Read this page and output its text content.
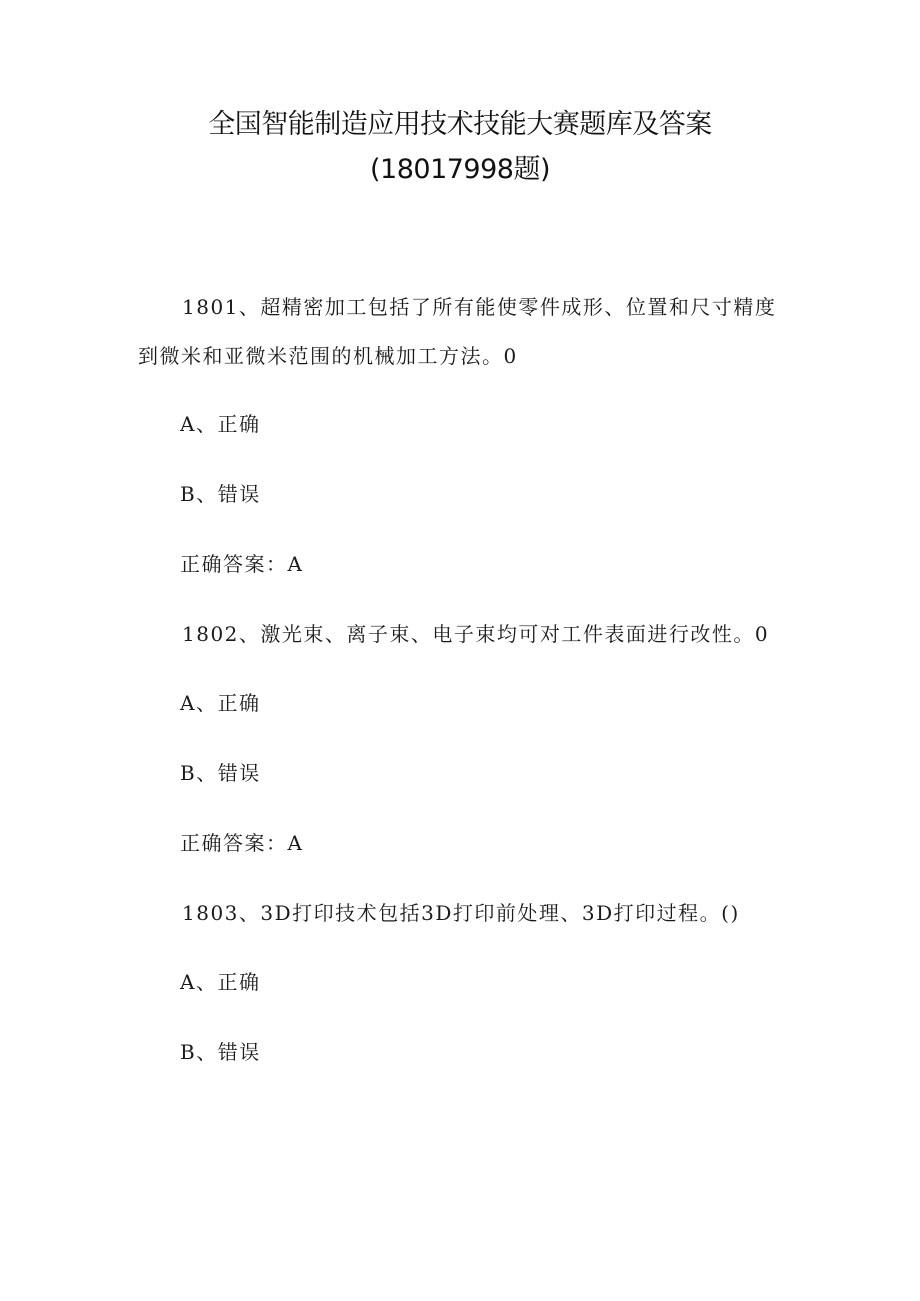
全国智能制造应用技术技能大赛题库及答案
(18017998题)
1801、超精密加工包括了所有能使零件成形、位置和尺寸精度
到微米和亚微米范围的机械加工方法。0
A、正确
B、错误
正确答案：A
1802、激光束、离子束、电子束均可对工件表面进行改性。0
A、正确
B、错误
正确答案：A
1803、3D打印技术包括3D打印前处理、3D打印过程。()
A、正确
B、错误
